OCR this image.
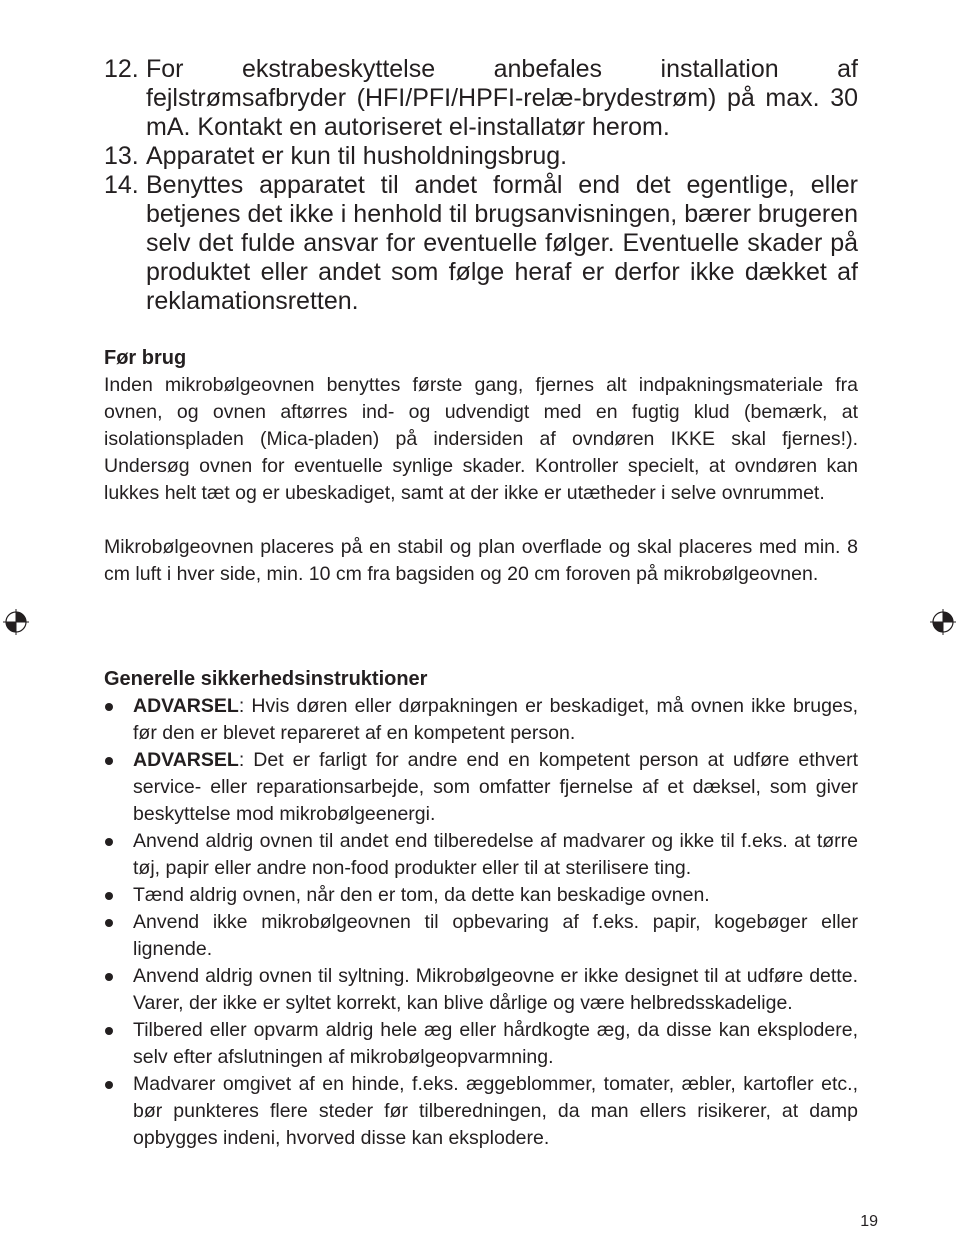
12. For ekstrabeskyttelse anbefales installation af fejlstrømsafbryder (HFI/PFI/HPFI-relæ-brydestrøm) på max. 30 mA. Kontakt en autoriseret el-installatør herom.
13. Apparatet er kun til husholdningsbrug.
14. Benyttes apparatet til andet formål end det egentlige, eller betjenes det ikke i henhold til brugsanvisningen, bærer brugeren selv det fulde ansvar for eventuelle følger. Eventuelle skader på produktet eller andet som følge heraf er derfor ikke dækket af reklamationsretten.
Før brug

Inden mikrobølgeovnen benyttes første gang, fjernes alt indpakningsmateriale fra ovnen, og ovnen aftørres ind- og udvendigt med en fugtig klud (bemærk, at isolationspladen (Mica-pladen) på indersiden af ovndøren IKKE skal fjernes!). Undersøg ovnen for eventuelle synlige skader. Kontroller specielt, at ovndøren kan lukkes helt tæt og er ubeskadiget, samt at der ikke er utætheder i selve ovnrummet.

Mikrobølgeovnen placeres på en stabil og plan overflade og skal placeres med min. 8 cm luft i hver side, min. 10 cm fra bagsiden og 20 cm foroven på mikrobølgeovnen.

Generelle sikkerhedsinstruktioner
ADVARSEL: Hvis døren eller dørpakningen er beskadiget, må ovnen ikke bruges, før den er blevet repareret af en kompetent person.
ADVARSEL: Det er farligt for andre end en kompetent person at udføre ethvert service- eller reparationsarbejde, som omfatter fjernelse af et dæksel, som giver beskyttelse mod mikrobølgeenergi.
Anvend aldrig ovnen til andet end tilberedelse af madvarer og ikke til f.eks. at tørre tøj, papir eller andre non-food produkter eller til at sterilisere ting.
Tænd aldrig ovnen, når den er tom, da dette kan beskadige ovnen.
Anvend ikke mikrobølgeovnen til opbevaring af f.eks. papir, kogebøger eller lignende.
Anvend aldrig ovnen til syltning. Mikrobølgeovne er ikke designet til at udføre dette. Varer, der ikke er syltet korrekt, kan blive dårlige og være helbredsskadelige.
Tilbered eller opvarm aldrig hele æg eller hårdkogte æg, da disse kan eksplodere, selv efter afslutningen af mikrobølgeopvarmning.
Madvarer omgivet af en hinde, f.eks. æggeblommer, tomater, æbler, kartofler etc., bør punkteres flere steder før tilberedningen, da man ellers risikerer, at damp opbygges indeni, hvorved disse kan eksplodere.
19
